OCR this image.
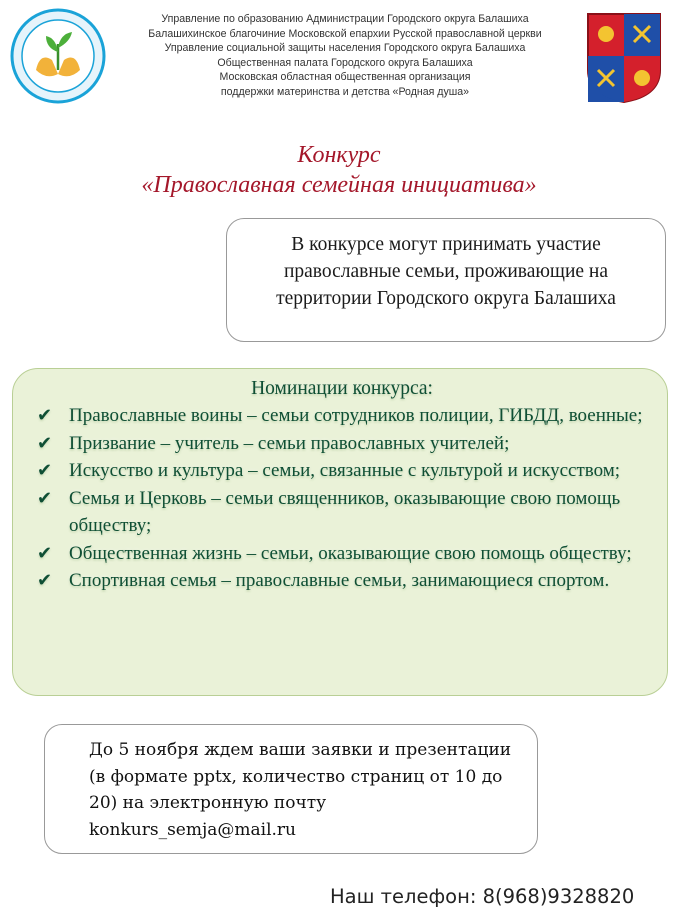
Управление по образованию Администрации Городского округа Балашиха
Балашихинское благочиние Московской епархии Русской православной церкви
Управление социальной защиты населения Городского округа Балашиха
Общественная палата Городского округа Балашиха
Московская областная общественная организация
поддержки материнства и детства «Родная душа»
Конкурс
«Православная семейная инициатива»
В конкурсе могут принимать участие православные семьи, проживающие на территории Городского округа Балашиха
Номинации конкурса:
✔ Православные воины – семьи сотрудников полиции, ГИБДД, военные;
✔ Призвание – учитель – семьи православных учителей;
✔ Искусство и культура – семьи, связанные с культурой и искусством;
✔ Семья и Церковь – семьи священников, оказывающие свою помощь обществу;
✔ Общественная жизнь – семьи, оказывающие свою помощь обществу;
✔ Спортивная семья – православные семьи, занимающиеся спортом.
До 5 ноября ждем ваши заявки и презентации (в формате pptx, количество страниц от 10 до 20) на электронную почту konkurs_semja@mail.ru
Наш телефон: 8(968)9328820
